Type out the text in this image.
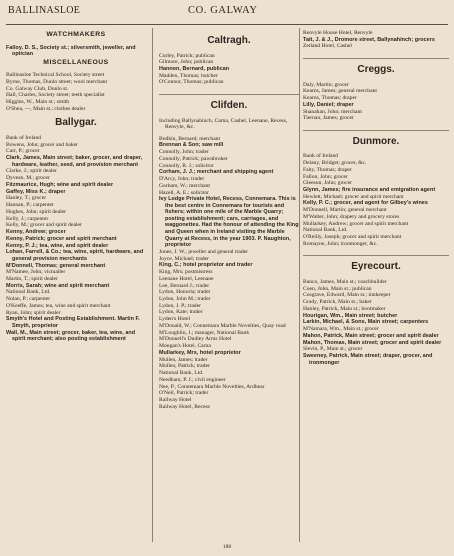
BALLINASLOE	CO. GALWAY
WATCHMAKERS
Falloy, D. S., Society st.; silversmith, jeweller, and optician
MISCELLANEOUS
Ballinasloe Technical School, Society street
Byrne, Thomas, Dunlo street; wool merchant
Co. Galway Club, Dunlo st.
Hall, Charles, Society street; teeth specialist
Higgins, W., Main st.; smith
O'Shea, —, Main st.; clothes dealer
Ballygar.
Bank of Ireland
Bowens, John; grocer and baker
Carr, P.; grocer
Clark, James, Main street; baker, grocer, and draper, hardware, leather, seed, and provision merchant
Clarke, J.; spirit dealer
Dyvean, M.; grocer
Fitzmaurice, Hugh; wine and spirit dealer
Gaffey, Miss K.; draper
Hanley, T.; grocer
Hannan, P.; carpenter
Hughes, John; spirit dealer
Kelly, J.; carpenter
Kelly, M.; grocer and spirit dealer
Kenny, Andrew; grocer
Kenny, Patrick; grocer and spirit merchant
Kenny, P. J.; tea, wine, and spirit dealer
Lohan, Farrell, & Co.; tea, wine, spirit, hardware, and general provision merchants
M'Donnell, Thomas; general merchant
M'Namee, John; victualler
Martin, T.; spirit dealer
Morris, Sarah; wine and spirit merchant
National Bank, Ltd.
Nolan, P.; carpenter
O'Keeffe, James; tea, wine and spirit merchant
Ryan, John; spirit dealer
Smyth's Hotel and Posting Establishment. Martin F. Smyth, proprietor
Wall, M., Main street; grocer, baker, tea, wine, and spirit merchant; also posting establishment
Caltragh.
Curley, Patrick; publican
Gilmore, John; publican
Hannon, Bernard, publican
Madden, Thomas; butcher
O'Connor, Thomas; publican
Clifden.
Including Ballynahinch, Carna, Cashel, Leenane, Recess, Renvyle, &c.
Bodkin, Bernard; merchant
Brennan & Son; saw mill
Connolly, John; trader
Connolly, Patrick; pawnbroker
Connolly, R. J.; solicitor
Corham, J. J.; merchant and shipping agent
D'Arcy, John; trader
Gorham, W.; merchant
Hazell, A. E.; solicitor
Ivy Lodge Private Hotel, Recess, Connemara. This is the best centre in Connemara for tourists and fishers; within one mile of the Marble Quarry; posting establishment; cars, carriages, and waggonettes. Had the honour of attending the King and Queen when in Ireland visiting the Marble Quarry at Recess, in the year 1903. P. Naughton, proprietor
Jones, J. W.; jeweller and general trader
Joyce, Michael; trader
King, C.; hotel proprietor and trader
King, Mrs; postmistress
Leenane Hotel, Leenane
Lee, Bernard J.; trader
Lydon, Honoria; trader
Lydon, John M.; trader
Lydon, J. P.; trader
Lydon, Kate; trader
Lyden's Hotel
M'Donald, W.; Connemara Marble Novelties, Quay road
M'Loughlin, J.; manager, National Bank
M'Donnell's Dudley Arms Hotel
Mongan's Hotel, Carna
Mullarkey, Mrs, hotel proprietor
Mullen, James; trader
Mullen, Patrick; trader
National Bank, Ltd.
Needham, P. J.; civil engineer
Nee, P., Connemara Marble Novelties, Ardbear
O'Neil, Patrick; trader
Railway Hotel
Railway Hotel, Recess
Renvyle House Hotel, Renvyle
Tait, J. & J., Dromore street, Ballynahinch; grocers
Zetland Hotel, Cashel
Creggs.
Daly, Martin; grocer
Kearns, James; general merchant
Kearns, Thomas; draper
Lilly, Daniel; draper
Shanahan, John; merchant
Tiernan, James; grocer
Dunmore.
Bank of Ireland
Delany, Bridget; grocer, &c.
Fahy, Thomas; draper
Fallon, John; grocer
Gleeson, John; grocer
Glynn, James; fire insurance and emigration agent
Hewlett, Michael; grocer and spirit merchant
Kelly, P. C.; grocer, and agent for Gilbey's wines
M'Donnell, Martin; general merchant
M'Walter, John; drapery and grocery stores
Mullarkey, Andrew; grocer and spirit merchant
National Bank, Ltd.
O'Reilly, Joseph; grocer and spirit merchant
Romayne, John; ironmonger, &c.
Eyrecourt.
Banco, James, Main st.; coachbuilder
Coen, John, Main st.; publican
Cosgrave, Edward, Main st.; innkeeper
Grady, Patrick, Main st.; baker
Hanley, Patrick, Main st.; bootmaker
Hourigan, Wm., Main street; butcher
Larkin, Michael, & Sons, Main street; carpenters
M'Namara, Wm., Main st.; grocer
Mahon, Patrick, Main street; grocer and spirit dealer
Mahon, Thomas, Main street; grocer and spirit dealer
Slevin, P., Main st.; grocer
Sweeney, Patrick, Main street; draper, grocer, and ironmonger
188
